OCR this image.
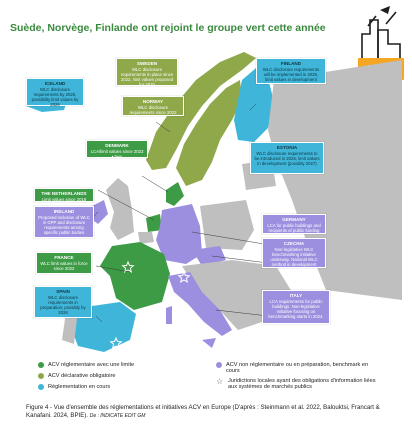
Suède, Norvège, Finlande ont rejoint le groupe vert cette année
ICELAND
WLC disclosure requirements by 2025, possibility limit values by 2026
SWEDEN
WLC disclosure requirements in place since 2022, limit values proposed for 2025
FINLAND
WLC disclosure requirements will be implemented in 2025, limit values in development
NORWAY
WLC disclosure requirements since 2023
DENMARK
LCA/limit values since 2023 • Neu
ESTONIA
WLC disclosure requirements to be introduced in 2025, limit values in development (possibly 2027)
THE NETHERLANDS
Limit values since 2018
IRELAND
Proposed inclusion of WLC in GPP and disclosure requirements among specific public bodies
GERMANY
LCA for public buildings and recipients of public funding
CZECHIA
Non-legislative WLC benchmarking initiative underway. National WLC method in development
FRANCE
WLC limit values in force since 2022
SPAIN
WLC disclosure requirements in preparation, possibly by 2026
ITALY
LCA requirements for public buildings. Non-legislative initiative focusing on benchmarking starts in 2024.
ACV réglementaire avec une limite
ACV déclarative obligatoire
Réglementation en cours
ACV non réglementaire ou en préparation, benchmark en cours
☆ Juridictions locales ayant des obligations d'information liées aux systèmes de marchés publics
Figure 4 - Vue d'ensemble des réglementations et initiatives ACV en Europe (D'après : Steinmann et al. 2022, Balouktsi, Francart & Kanafani. 2024, BPIE). De : INDICATE EDIT GM
